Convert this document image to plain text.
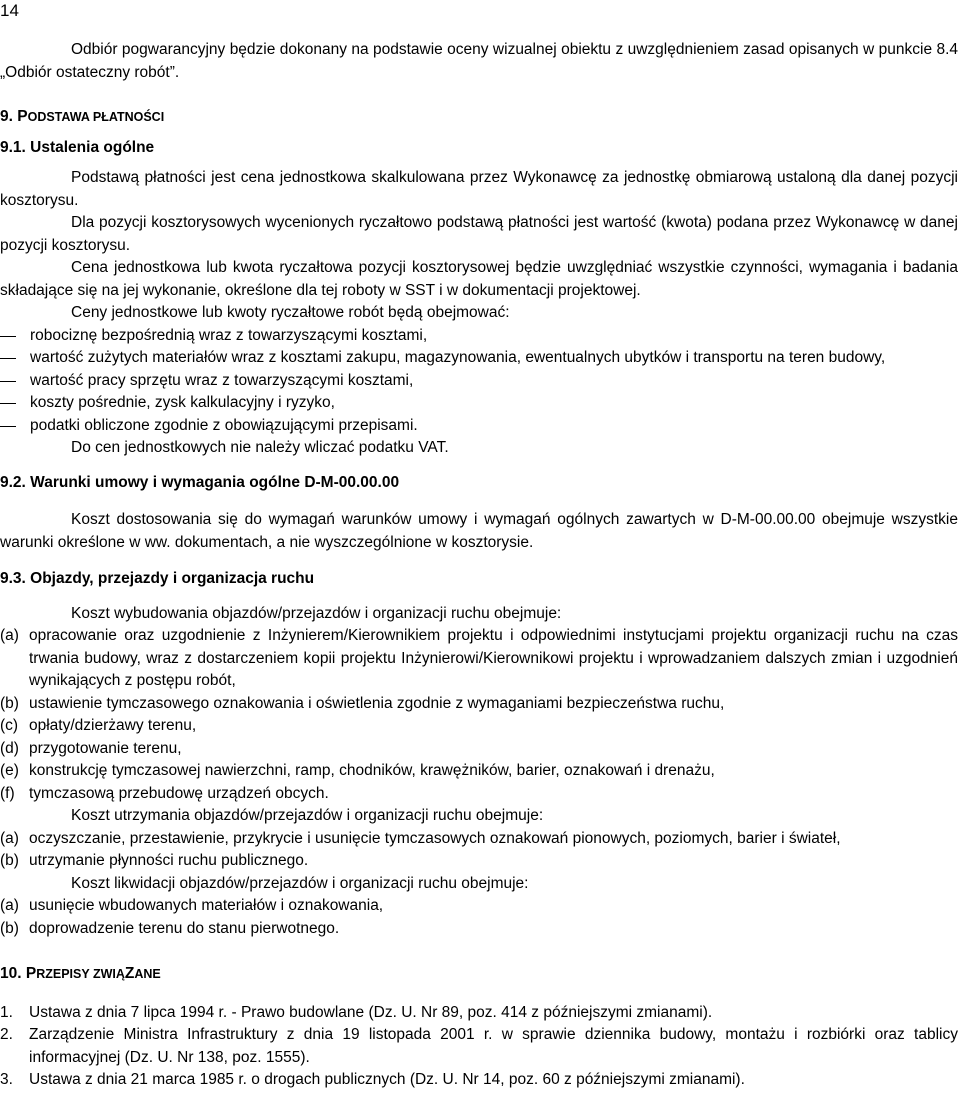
14

Odbiór pogwarancyjny będzie dokonany na podstawie oceny wizualnej obiektu z uwzględnieniem zasad opisanych w punkcie 8.4 „Odbiór ostateczny robót”.

9. PODSTAWA PŁATNOŚCI

9.1. Ustalenia ogólne

Podstawą płatności jest cena jednostkowa skalkulowana przez Wykonawcę za jednostkę obmiarową ustaloną dla danej pozycji kosztorysu.

Dla pozycji kosztorysowych wycenionych ryczałtowo podstawą płatności jest wartość (kwota) podana przez Wykonawcę w danej pozycji kosztorysu.

Cena jednostkowa lub kwota ryczałtowa pozycji kosztorysowej będzie uwzględniać wszystkie czynności, wymagania i badania składające się na jej wykonanie, określone dla tej roboty w SST i w dokumentacji projektowej.

Ceny jednostkowe lub kwoty ryczałtowe robót będą obejmować:

robociznę bezpośrednią wraz z towarzyszącymi kosztami,
wartość zużytych materiałów wraz z kosztami zakupu, magazynowania, ewentualnych ubytków i transportu na teren budowy,
wartość pracy sprzętu wraz z towarzyszącymi kosztami,
koszty pośrednie, zysk kalkulacyjny i ryzyko,
podatki obliczone zgodnie z obowiązującymi przepisami.

Do cen jednostkowych nie należy wliczać podatku VAT.

9.2. Warunki umowy i wymagania ogólne D-M-00.00.00

Koszt dostosowania się do wymagań warunków umowy i wymagań ogólnych zawartych w D-M-00.00.00 obejmuje wszystkie warunki określone w ww. dokumentach, a nie wyszczególnione w kosztorysie.

9.3. Objazdy, przejazdy i organizacja ruchu

Koszt wybudowania objazdów/przejazdów i organizacji ruchu obejmuje:

(a) opracowanie oraz uzgodnienie z Inżynierem/Kierownikiem projektu i odpowiednimi instytucjami projektu organizacji ruchu na czas trwania budowy, wraz z dostarczeniem kopii projektu Inżynierowi/Kierownikowi projektu i wprowadzaniem dalszych zmian i uzgodnień wynikających z postępu robót,
(b) ustawienie tymczasowego oznakowania i oświetlenia zgodnie z wymaganiami bezpieczeństwa ruchu,
(c) opłaty/dzierżawy terenu,
(d) przygotowanie terenu,
(e) konstrukcję tymczasowej nawierzchni, ramp, chodników, krawężników, barier, oznakowań i drenażu,
(f) tymczasową przebudowę urządzeń obcych.

Koszt utrzymania objazdów/przejazdów i organizacji ruchu obejmuje:

(a) oczyszczanie, przestawienie, przykrycie i usunięcie tymczasowych oznakowań pionowych, poziomych, barier i świateł,
(b) utrzymanie płynności ruchu publicznego.

Koszt likwidacji objazdów/przejazdów i organizacji ruchu obejmuje:

(a) usunięcie wbudowanych materiałów i oznakowania,
(b) doprowadzenie terenu do stanu pierwotnego.

10. PRZEPISY ZWIĄZANE

1.	Ustawa z dnia 7 lipca 1994 r. - Prawo budowlane (Dz. U. Nr 89, poz. 414 z późniejszymi zmianami).
2.	Zarządzenie Ministra Infrastruktury z dnia 19 listopada 2001 r. w sprawie dziennika budowy, montażu i rozbiórki oraz tablicy informacyjnej (Dz. U. Nr 138, poz. 1555).
3.	Ustawa z dnia 21 marca 1985 r. o drogach publicznych (Dz. U. Nr 14, poz. 60 z późniejszymi zmianami).
